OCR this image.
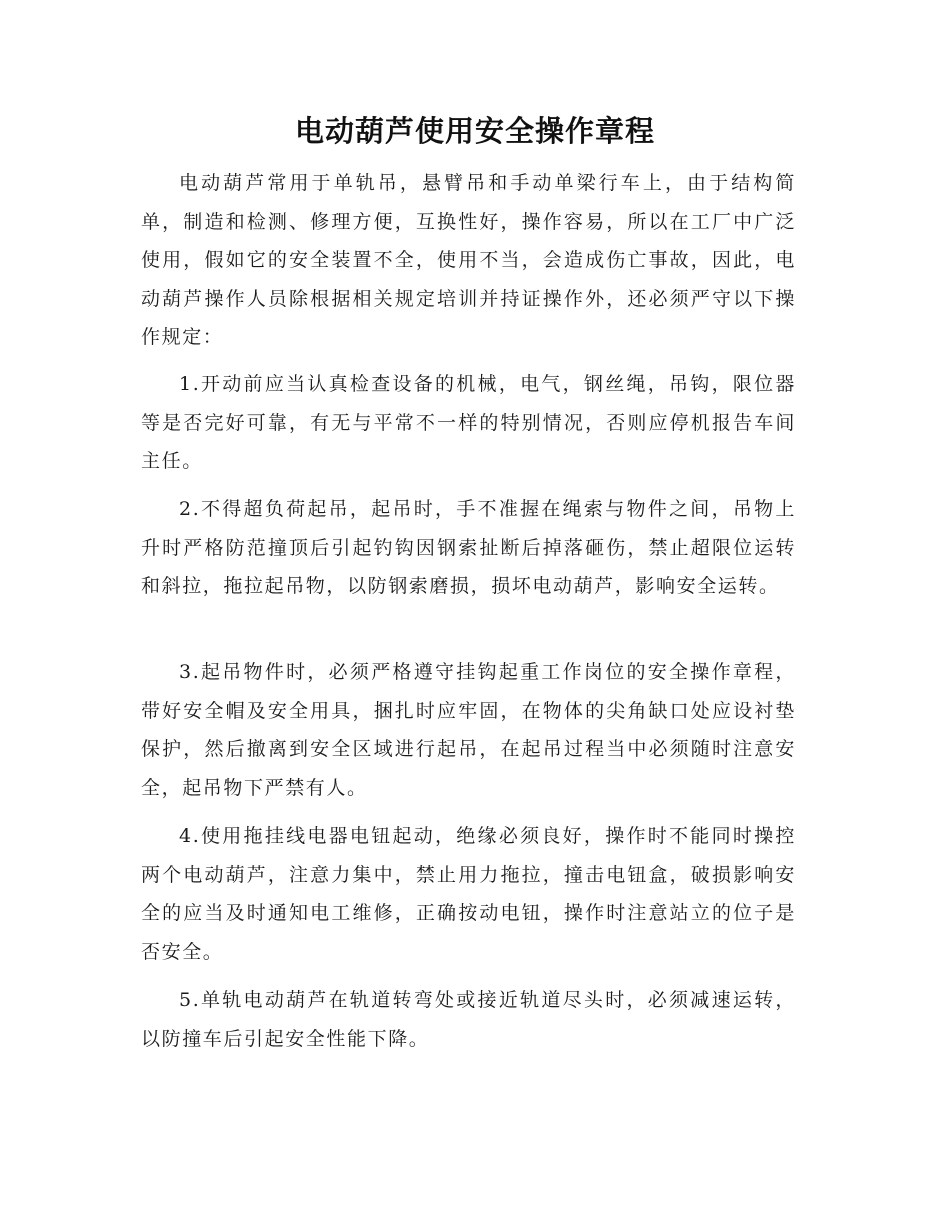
电动葫芦使用安全操作章程

电动葫芦常用于单轨吊，悬臂吊和手动单梁行车上，由于结构简单，制造和检测、修理方便，互换性好，操作容易，所以在工厂中广泛使用，假如它的安全装置不全，使用不当，会造成伤亡事故，因此，电动葫芦操作人员除根据相关规定培训并持证操作外，还必须严守以下操作规定：

1.开动前应当认真检查设备的机械，电气，钢丝绳，吊钩，限位器等是否完好可靠，有无与平常不一样的特别情况，否则应停机报告车间主任。

2.不得超负荷起吊，起吊时，手不准握在绳索与物件之间，吊物上升时严格防范撞顶后引起钓钩因钢索扯断后掉落砸伤，禁止超限位运转和斜拉，拖拉起吊物，以防钢索磨损，损坏电动葫芦，影响安全运转。

3.起吊物件时，必须严格遵守挂钩起重工作岗位的安全操作章程，带好安全帽及安全用具，捆扎时应牢固，在物体的尖角缺口处应设衬垫保护，然后撤离到安全区域进行起吊，在起吊过程当中必须随时注意安全，起吊物下严禁有人。

4.使用拖挂线电器电钮起动，绝缘必须良好，操作时不能同时操控两个电动葫芦，注意力集中，禁止用力拖拉，撞击电钮盒，破损影响安全的应当及时通知电工维修，正确按动电钮，操作时注意站立的位子是否安全。

5.单轨电动葫芦在轨道转弯处或接近轨道尽头时，必须减速运转，以防撞车后引起安全性能下降。
